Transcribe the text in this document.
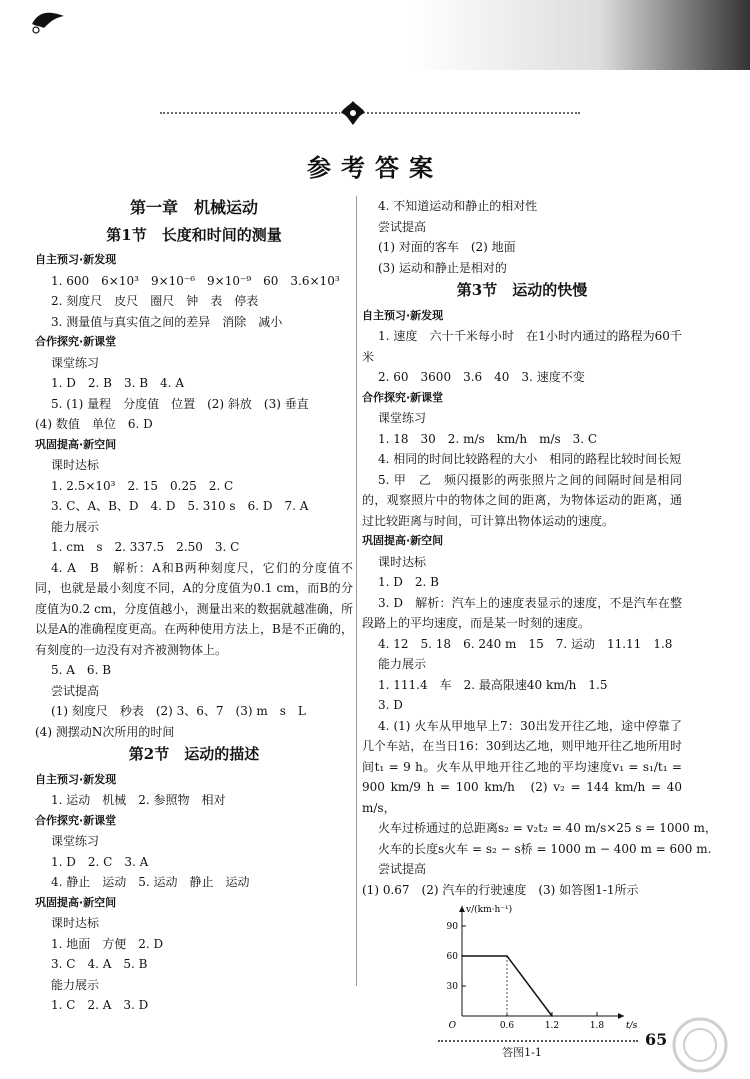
参考答案
第一章　机械运动
第1节　长度和时间的测量
自主预习·新发现
1. 600　6×10³　9×10⁻⁶　9×10⁻⁹　60　3.6×10³
2. 刻度尺　皮尺　圈尺　钟　表　停表
3. 测量值与真实值之间的差异　消除　减小
合作探究·新课堂
课堂练习
1. D　2. B　3. B　4. A
5. (1) 量程　分度值　位置　(2) 斜放　(3) 垂直
(4) 数值　单位　6. D
巩固提高·新空间
课时达标
1. 2.5×10³　2. 15　0.25　2. C
3. C、A、B、D　4. D　5. 310 s　6. D　7. A
能力展示
1. cm　s　2. 337.5　2.50　3. C
4. A　B　解析：A和B两种刻度尺，它们的分度值不同，也就是最小刻度不同，A的分度值为0.1 cm，而B的分度值为0.2 cm，分度值越小，测量出来的数据就越准确，所以是A的准确程度更高。在两种使用方法上，B是不正确的，有刻度的一边没有对齐被测物体上。
5. A　6. B
尝试提高
(1) 刻度尺　秒表　(2) 3、6、7　(3) m　s　L
(4) 测摆动N次所用的时间
第2节　运动的描述
自主预习·新发现
1. 运动　机械　2. 参照物　相对
合作探究·新课堂
课堂练习
1. D　2. C　3. A
4. 静止　运动　5. 运动　静止　运动
巩固提高·新空间
课时达标
1. 地面　方便　2. D
3. C　4. A　5. B
能力展示
1. C　2. A　3. D
4. 不知道运动和静止的相对性
尝试提高
(1) 对面的客车　(2) 地面
(3) 运动和静止是相对的
第3节　运动的快慢
自主预习·新发现
1. 速度　六十千米每小时　在1小时内通过的路程为60千米
2. 60　3600　3.6　40　3. 速度不变
合作探究·新课堂
课堂练习
1. 18　30　2. m/s　km/h　m/s　3. C
4. 相同的时间比较路程的大小　相同的路程比较时间长短
5. 甲　乙　频闪摄影的两张照片之间的间隔时间是相同的，观察照片中的物体之间的距离，为物体运动的距离，通过比较距离与时间，可计算出物体运动的速度。
巩固提高·新空间
课时达标
1. D　2. B
3. D　解析：汽车上的速度表显示的速度，不是汽车在整段路上的平均速度，而是某一时刻的速度。
4. 12　5. 18　6. 240 m　15　7. 运动　11.11　1.8
能力展示
1. 111.4　车　2. 最高限速40 km/h　1.5
3. D
4. (1) 火车从甲地早上7：30出发开往乙地，途中停靠了几个车站，在当日16：30到达乙地，则甲地开往乙地所用时间t₁ = 9 h。火车从甲地开往乙地的平均速度v₁ = s₁/t₁ = 900 km/9 h = 100 km/h　(2) v₂ = 144 km/h = 40 m/s，
火车过桥通过的总距离s₂ = v₂t₂ = 40 m/s×25 s = 1000 m，
火车的长度s火车 = s₂ − s桥 = 1000 m − 400 m = 600 m.
尝试提高
(1) 0.67　(2) 汽车的行驶速度　(3) 如答图1-1所示
0.6	1.2	1.8
30
60
90
O	t/s
v/(km·h⁻¹)
答图1-1
65
